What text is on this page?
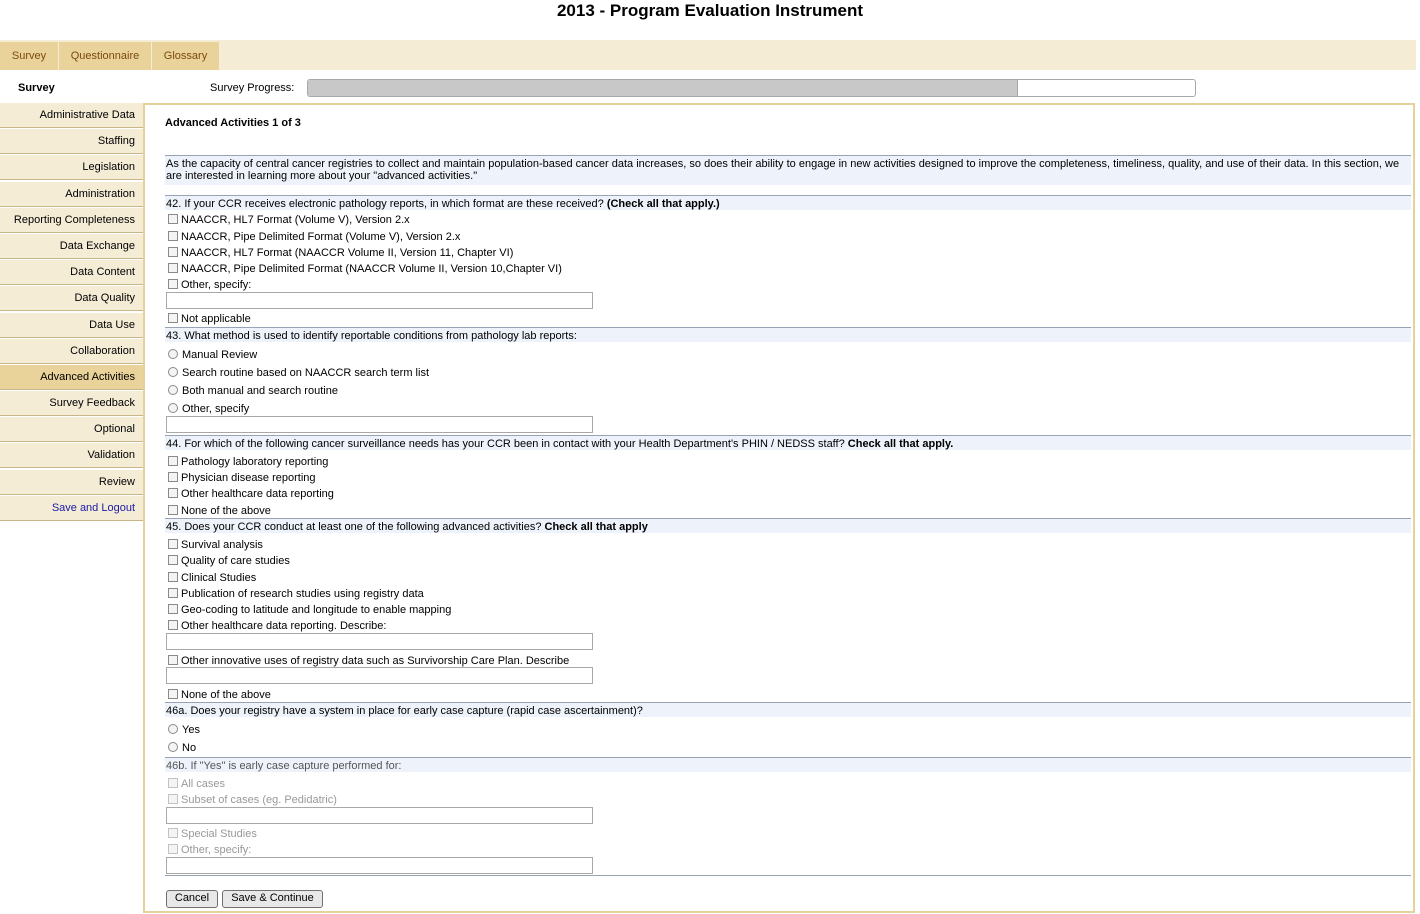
2013 - Program Evaluation Instrument
Survey	Questionnaire	Glossary
Survey	Survey Progress:
Administrative Data
Staffing
Legislation
Administration
Reporting Completeness
Data Exchange
Data Content
Data Quality
Data Use
Collaboration
Advanced Activities
Survey Feedback
Optional
Validation
Review
Save and Logout
Advanced Activities 1 of 3
As the capacity of central cancer registries to collect and maintain population-based cancer data increases, so does their ability to engage in new activities designed to improve the completeness, timeliness, quality, and use of their data. In this section, we are interested in learning more about your "advanced activities."
42. If your CCR receives electronic pathology reports, in which format are these received? (Check all that apply.)
NAACCR, HL7 Format (Volume V), Version 2.x
NAACCR, Pipe Delimited Format (Volume V), Version 2.x
NAACCR, HL7 Format (NAACCR Volume II, Version 11, Chapter VI)
NAACCR, Pipe Delimited Format (NAACCR Volume II, Version 10,Chapter VI)
Other, specify:
Not applicable
43. What method is used to identify reportable conditions from pathology lab reports:
Manual Review
Search routine based on NAACCR search term list
Both manual and search routine
Other, specify
44. For which of the following cancer surveillance needs has your CCR been in contact with your Health Department's PHIN / NEDSS staff? Check all that apply.
Pathology laboratory reporting
Physician disease reporting
Other healthcare data reporting
None of the above
45. Does your CCR conduct at least one of the following advanced activities? Check all that apply
Survival analysis
Quality of care studies
Clinical Studies
Publication of research studies using registry data
Geo-coding to latitude and longitude to enable mapping
Other healthcare data reporting. Describe:
Other innovative uses of registry data such as Survivorship Care Plan. Describe
None of the above
46a. Does your registry have a system in place for early case capture (rapid case ascertainment)?
Yes
No
46b. If "Yes" is early case capture performed for:
All cases
Subset of cases (eg. Pedidatric)
Special Studies
Other, specify:
Cancel	Save & Continue
